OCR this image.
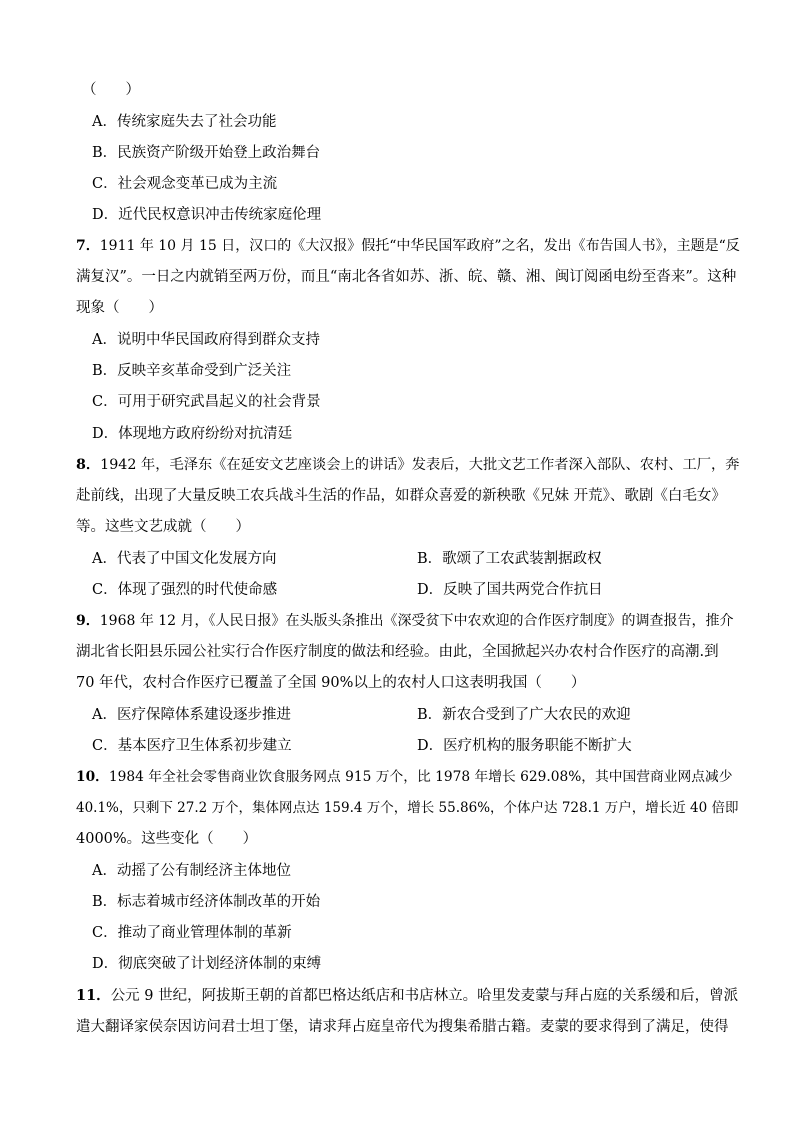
（　　）
A．传统家庭失去了社会功能
B．民族资产阶级开始登上政治舞台
C．社会观念变革已成为主流
D．近代民权意识冲击传统家庭伦理
7．1911 年 10 月 15 日，汉口的《大汉报》假托“中华民国军政府”之名，发出《布告国人书》，主题是“反
满复汉”。一日之内就销至两万份，而且“南北各省如苏、浙、皖、赣、湘、闽订阅函电纷至沓来”。这种
现象（　　）
A．说明中华民国政府得到群众支持
B．反映辛亥革命受到广泛关注
C．可用于研究武昌起义的社会背景
D．体现地方政府纷纷对抗清廷
8．1942 年，毛泽东《在延安文艺座谈会上的讲话》发表后，大批文艺工作者深入部队、农村、工厂，奔
赴前线，出现了大量反映工农兵战斗生活的作品，如群众喜爱的新秧歌《兄妹 开荒》、歌剧《白毛女》
等。这些文艺成就（　　）
A．代表了中国文化发展方向	B．歌颂了工农武装割据政权
C．体现了强烈的时代使命感	D．反映了国共两党合作抗日
9．1968 年 12 月，《人民日报》在头版头条推出《深受贫下中农欢迎的合作医疗制度》的调查报告，推介
湖北省长阳县乐园公社实行合作医疗制度的做法和经验。由此，全国掀起兴办农村合作医疗的高潮.到
70 年代，农村合作医疗已覆盖了全国 90%以上的农村人口这表明我国（　　）
A．医疗保障体系建设逐步推进	B．新农合受到了广大农民的欢迎
C．基本医疗卫生体系初步建立	D．医疗机构的服务职能不断扩大
10．1984 年全社会零售商业饮食服务网点 915 万个，比 1978 年增长 629.08%，其中国营商业网点减少
40.1%，只剩下 27.2 万个，集体网点达 159.4 万个，增长 55.86%，个体户达 728.1 万户，增长近 40 倍即
4000%。这些变化（　　）
A．动摇了公有制经济主体地位
B．标志着城市经济体制改革的开始
C．推动了商业管理体制的革新
D．彻底突破了计划经济体制的束缚
11．公元 9 世纪，阿拔斯王朝的首都巴格达纸店和书店林立。哈里发麦蒙与拜占庭的关系缓和后，曾派
遣大翻译家侯奈因访问君士坦丁堡，请求拜占庭皇帝代为搜集希腊古籍。麦蒙的要求得到了满足，使得
